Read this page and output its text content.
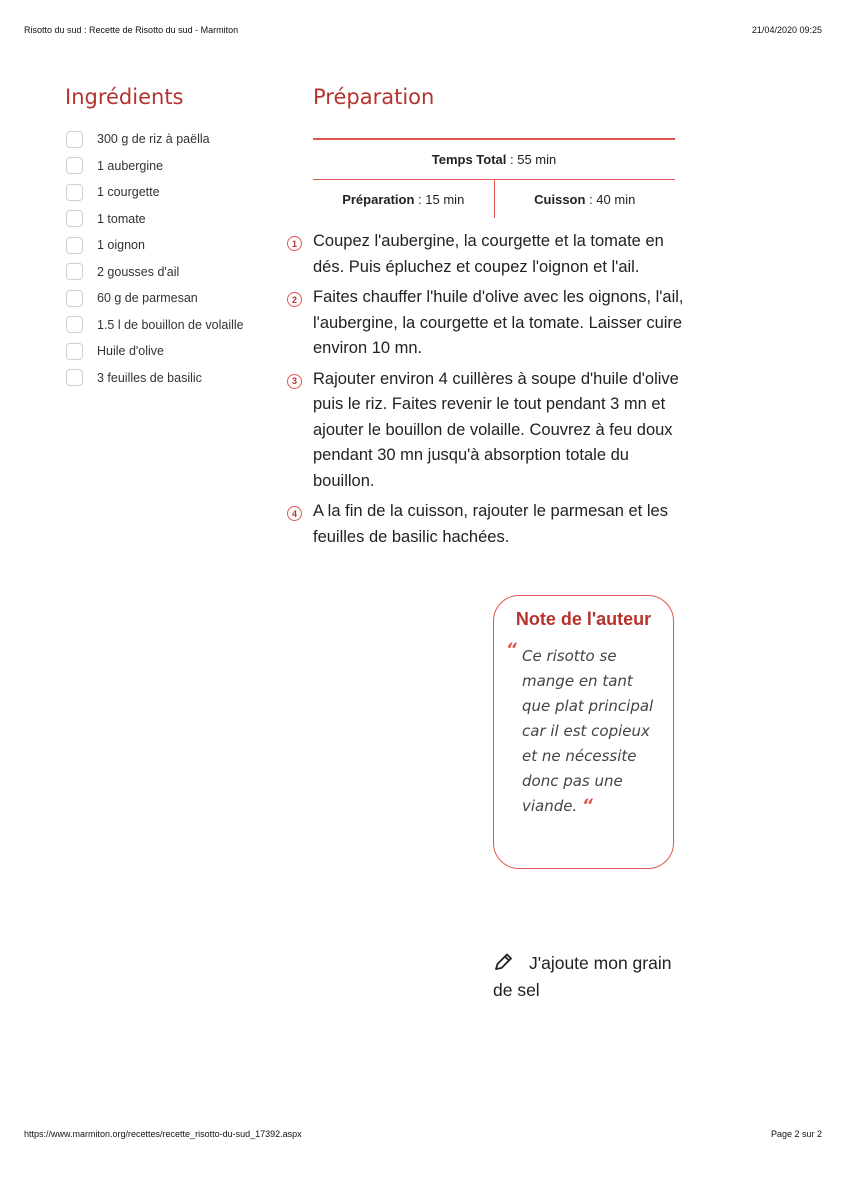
Risotto du sud : Recette de Risotto du sud - Marmiton	21/04/2020 09:25
Ingrédients
300 g de riz à paëlla
1 aubergine
1 courgette
1 tomate
1 oignon
2 gousses d'ail
60 g de parmesan
1.5 l de bouillon de volaille
Huile d'olive
3 feuilles de basilic
Préparation
Temps Total : 55 min
Préparation : 15 min	Cuisson : 40 min
1 Coupez l'aubergine, la courgette et la tomate en dés. Puis épluchez et coupez l'oignon et l'ail.
2 Faites chauffer l'huile d'olive avec les oignons, l'ail, l'aubergine, la courgette et la tomate. Laisser cuire environ 10 mn.
3 Rajouter environ 4 cuillères à soupe d'huile d'olive puis le riz. Faites revenir le tout pendant 3 mn et ajouter le bouillon de volaille. Couvrez à feu doux pendant 30 mn jusqu'à absorption totale du bouillon.
4 A la fin de la cuisson, rajouter le parmesan et les feuilles de basilic hachées.
Note de l'auteur
“ Ce risotto se mange en tant que plat principal car il est copieux et ne nécessite donc pas une viande. “
J'ajoute mon grain de sel
https://www.marmiton.org/recettes/recette_risotto-du-sud_17392.aspx	Page 2 sur 2
